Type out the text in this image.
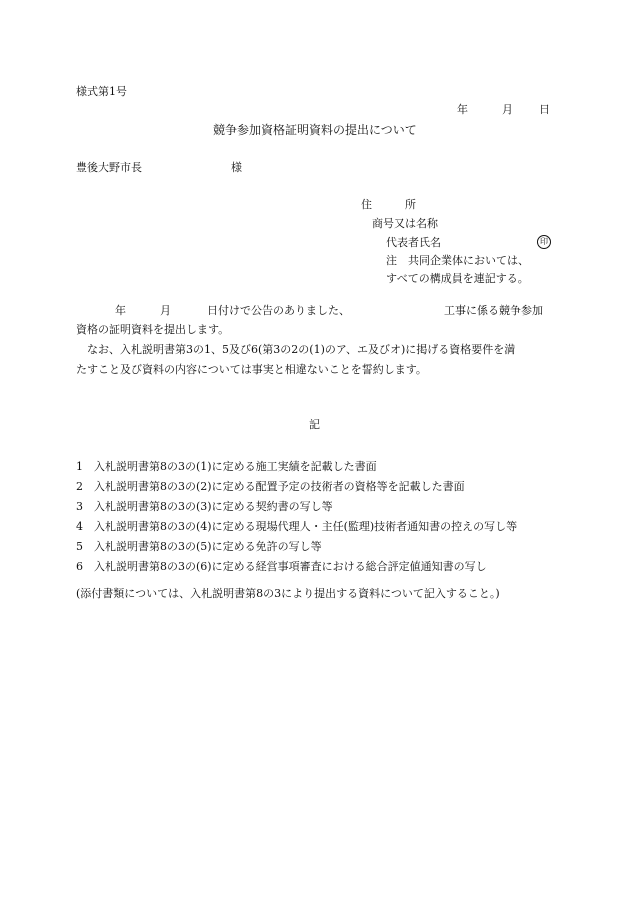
様式第1号
年	月 日
競争参加資格証明資料の提出について
豊後大野市長	様
住　　　所
商号又は名称
代表者氏名	印
注　共同企業体においては、
すべての構成員を連記する。
年	月	日付けで公告のありました、	工事に係る競争参加

資格の証明資料を提出します。

なお、入札説明書第3の1、5及び6(第3の2の(1)のア、エ及びオ)に掲げる資格要件を満

たすこと及び資料の内容については事実と相違ないことを誓約します。

記
1 入札説明書第8の3の(1)に定める施工実績を記載した書面
2 入札説明書第8の3の(2)に定める配置予定の技術者の資格等を記載した書面
3 入札説明書第8の3の(3)に定める契約書の写し等
4 入札説明書第8の3の(4)に定める現場代理人・主任(監理)技術者通知書の控えの写し等
5 入札説明書第8の3の(5)に定める免許の写し等
6 入札説明書第8の3の(6)に定める経営事項審査における総合評定値通知書の写し
(添付書類については、入札説明書第8の3により提出する資料について記入すること。)
